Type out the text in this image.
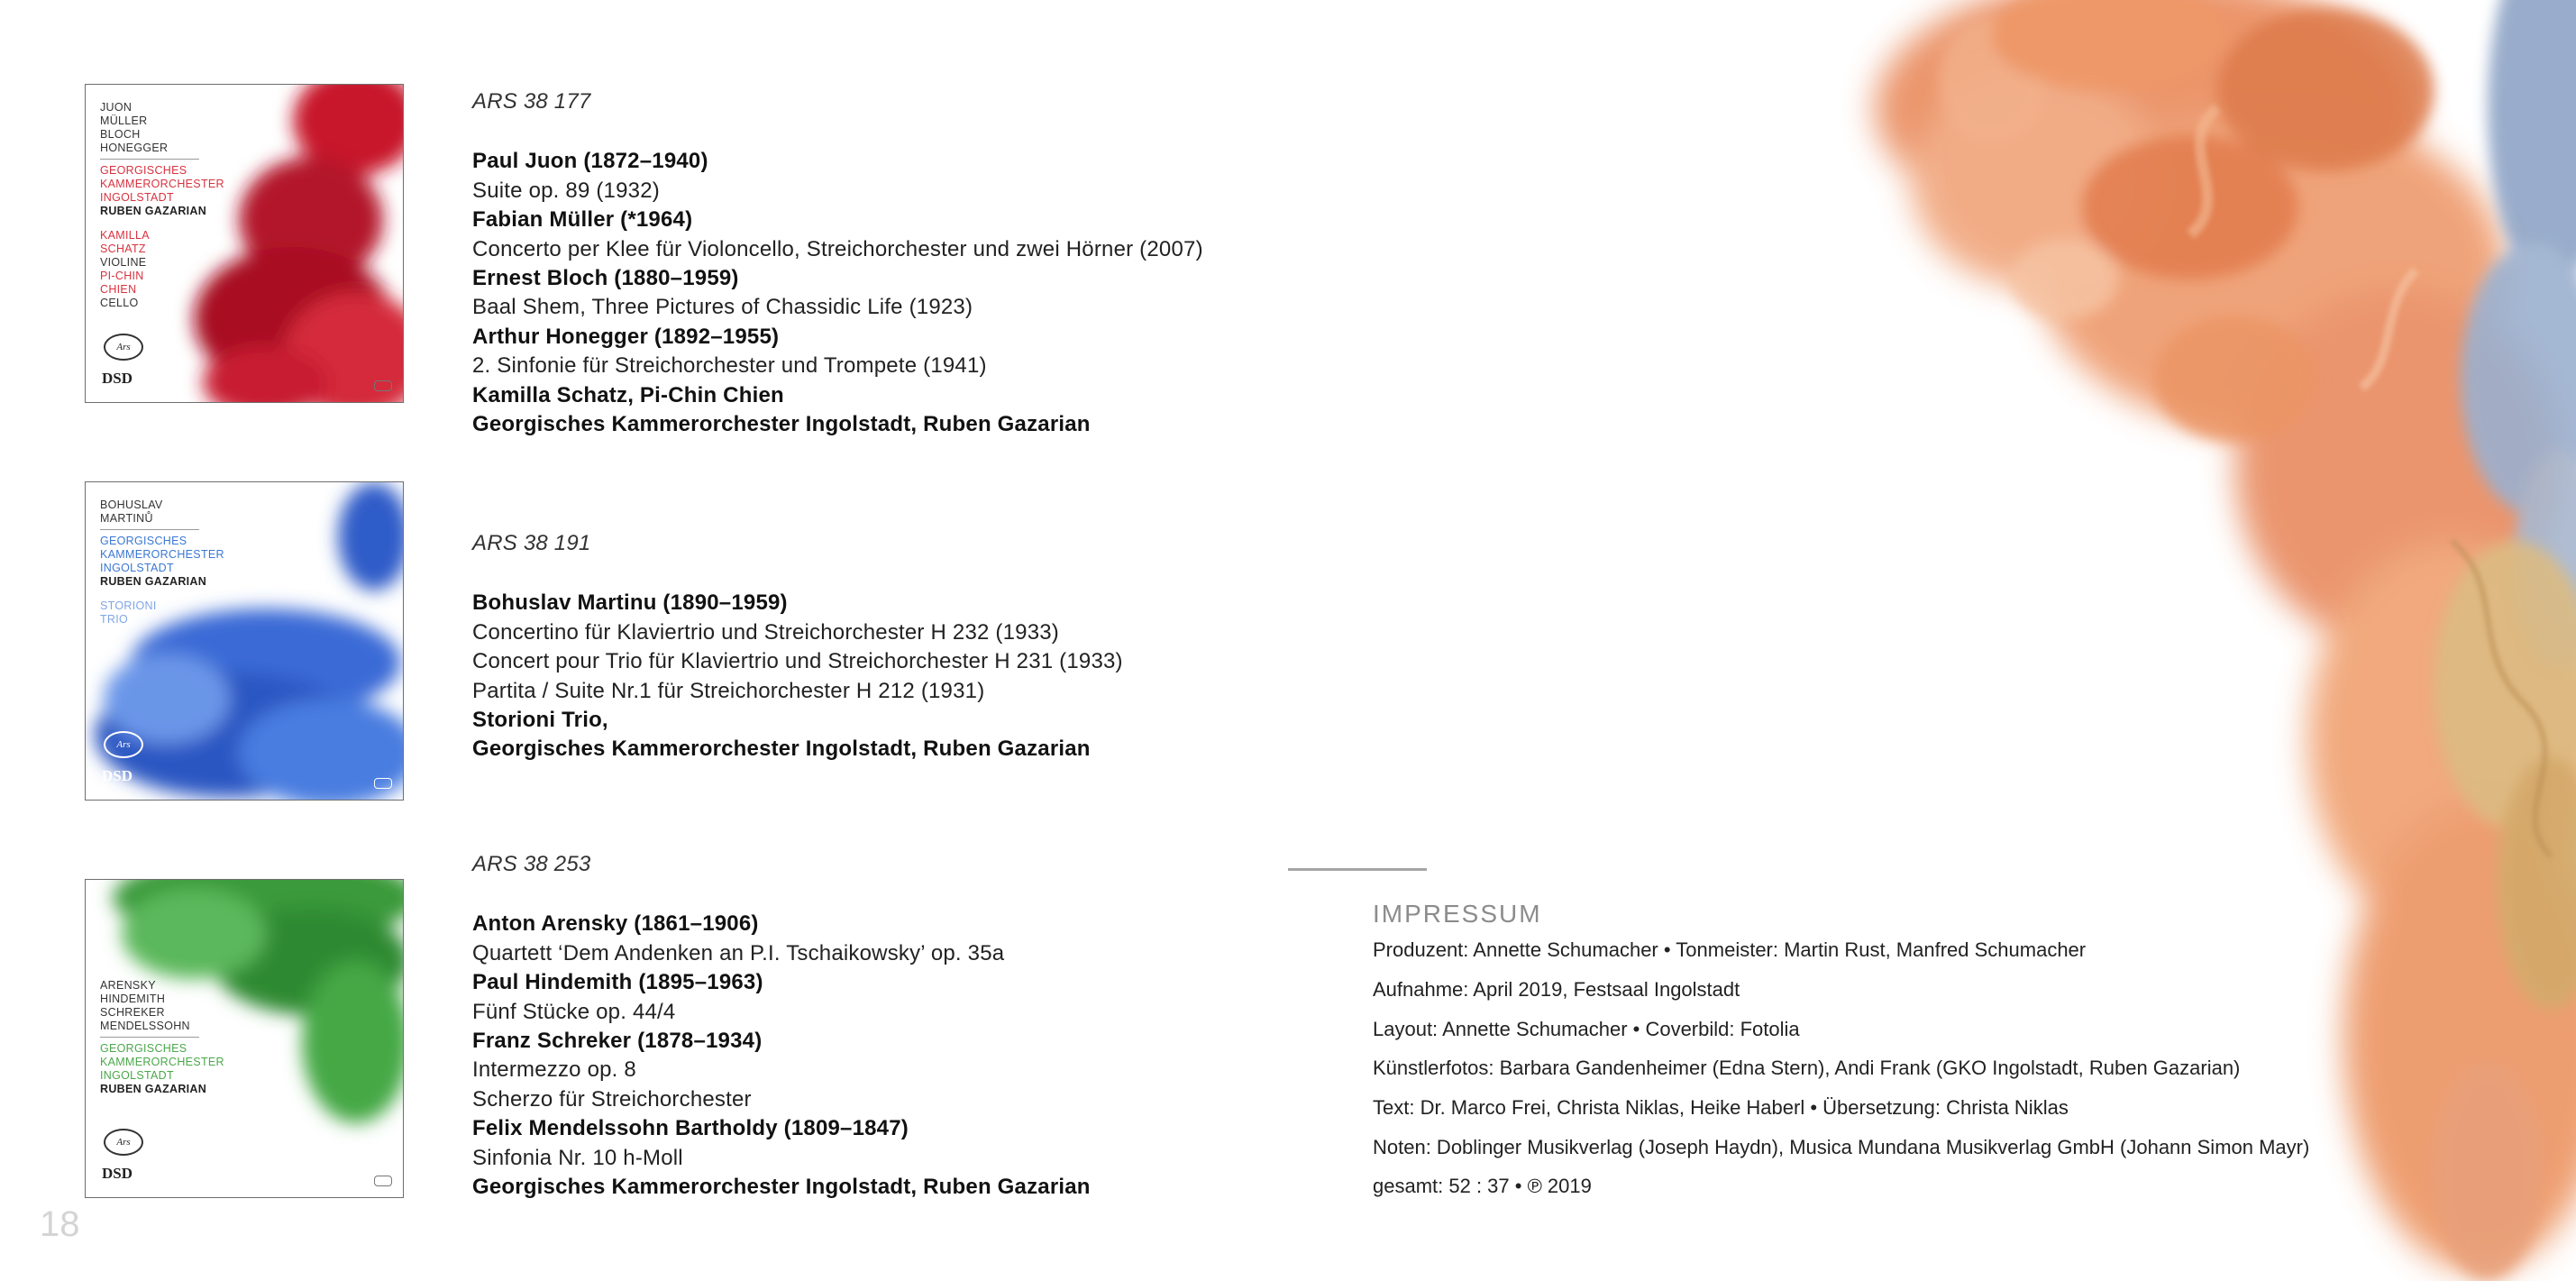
JUON
MÜLLER
BLOCH
HONEGGER
GEORGISCHES
KAMMERORCHESTER
INGOLSTADT
RUBEN GAZARIAN
KAMILLA
SCHATZ
VIOLINE
PI-CHIN
CHIEN
CELLO
Ars
DSD
BOHUSLAV
MARTINŮ
GEORGISCHES
KAMMERORCHESTER
INGOLSTADT
RUBEN GAZARIAN
STORIONI
TRIO
Ars
DSD
ARENSKY
HINDEMITH
SCHREKER
MENDELSSOHN
GEORGISCHES
KAMMERORCHESTER
INGOLSTADT
RUBEN GAZARIAN
Ars
DSD
ARS 38 177
Paul Juon (1872–1940)
Suite op. 89 (1932)
Fabian Müller (*1964)
Concerto per Klee für Violoncello, Streichorchester und zwei Hörner (2007)
Ernest Bloch (1880–1959)
Baal Shem, Three Pictures of Chassidic Life (1923)
Arthur Honegger (1892–1955)
2. Sinfonie für Streichorchester und Trompete (1941)
Kamilla Schatz, Pi-Chin Chien
Georgisches Kammerorchester Ingolstadt, Ruben Gazarian
ARS 38 191
Bohuslav Martinu (1890–1959)
Concertino für Klaviertrio und Streichorchester H 232 (1933)
Concert pour Trio für Klaviertrio und Streichorchester H 231 (1933)
Partita / Suite Nr.1 für Streichorchester H 212 (1931)
Storioni Trio,
Georgisches Kammerorchester Ingolstadt, Ruben Gazarian
ARS 38 253
Anton Arensky (1861–1906)
Quartett ‘Dem Andenken an P.I. Tschaikowsky’ op. 35a
Paul Hindemith (1895–1963)
Fünf Stücke op. 44/4
Franz Schreker (1878–1934)
Intermezzo op. 8
Scherzo für Streichorchester
Felix Mendelssohn Bartholdy (1809–1847)
Sinfonia Nr. 10 h-Moll
Georgisches Kammerorchester Ingolstadt, Ruben Gazarian
IMPRESSUM
Produzent: Annette Schumacher • Tonmeister: Martin Rust, Manfred Schumacher
Aufnahme: April 2019, Festsaal Ingolstadt
Layout: Annette Schumacher • Coverbild: Fotolia
Künstlerfotos: Barbara Gandenheimer (Edna Stern), Andi Frank (GKO Ingolstadt, Ruben Gazarian)
Text: Dr. Marco Frei, Christa Niklas, Heike Haberl • Übersetzung: Christa Niklas
Noten: Doblinger Musikverlag (Joseph Haydn), Musica Mundana Musikverlag GmbH (Johann Simon Mayr)
gesamt: 52 : 37 • ℗ 2019
18
